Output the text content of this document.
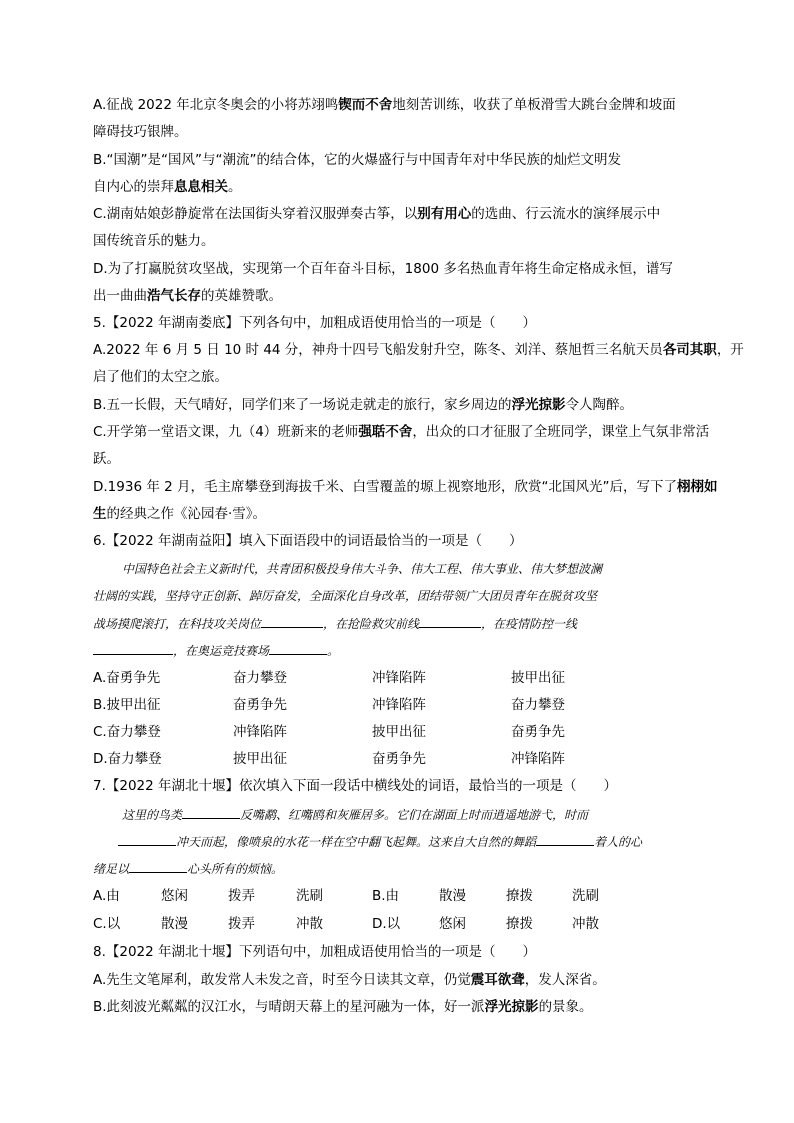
A.征战 2022 年北京冬奥会的小将苏翊鸣锲而不舍地刻苦训练，收获了单板滑雪大跳台金牌和坡面
障碍技巧银牌。
B.“国潮”是“国风”与“潮流”的结合体，它的火爆盛行与中国青年对中华民族的灿烂文明发
自内心的崇拜息息相关。
C.湖南姑娘彭静旋常在法国街头穿着汉服弹奏古筝，以别有用心的选曲、行云流水的演绎展示中
国传统音乐的魅力。
D.为了打赢脱贫攻坚战，实现第一个百年奋斗目标，1800 多名热血青年将生命定格成永恒，谱写
出一曲曲浩气长存的英雄赞歌。
5.【2022 年湖南娄底】下列各句中，加粗成语使用恰当的一项是（　　）
A.2022 年 6 月 5 日 10 时 44 分，神舟十四号飞船发射升空，陈冬、刘洋、蔡旭哲三名航天员各司其职，开
启了他们的太空之旅。
B.五一长假，天气晴好，同学们来了一场说走就走的旅行，家乡周边的浮光掠影令人陶醉。
C.开学第一堂语文课，九（4）班新来的老师强聒不舍，出众的口才征服了全班同学，课堂上气氛非常活
跃。
D.1936 年 2 月，毛主席攀登到海拔千米、白雪覆盖的塬上视察地形，欣赏“北国风光”后，写下了栩栩如
生的经典之作《沁园春·雪》。
6.【2022 年湖南益阳】填入下面语段中的词语最恰当的一项是（　　）
中国特色社会主义新时代，共青团积极投身伟大斗争、伟大工程、伟大事业、伟大梦想波澜
壮阔的实践，坚持守正创新、踔厉奋发，全面深化自身改革，团结带领广大团员青年在脱贫攻坚
战场摸爬滚打，在科技攻关岗位	，在抢险救灾前线	，在疫情防控一线
，在奥运竞技赛场	。
A.奋勇争先	奋力攀登	冲锋陷阵	披甲出征
B.披甲出征	奋勇争先	冲锋陷阵	奋力攀登
C.奋力攀登	冲锋陷阵	披甲出征	奋勇争先
D.奋力攀登	披甲出征	奋勇争先	冲锋陷阵
7.【2022 年湖北十堰】依次填入下面一段话中横线处的词语，最恰当的一项是（　　）
这里的鸟类	反嘴鹬、红嘴鸥和灰雁居多。它们在湖面上时而逍遥地游弋，时而
冲天而起，像喷泉的水花一样在空中翻飞起舞。这来自大自然的舞蹈	着人的心
绪足以	心头所有的烦恼。
A.由	悠闲	拨弄	洗刷	B.由	散漫	撩拨	洗刷
C.以	散漫	拨弄	冲散	D.以	悠闲	撩拨	冲散
8.【2022 年湖北十堰】下列语句中，加粗成语使用恰当的一项是（　　）
A.先生文笔犀利，敢发常人未发之音，时至今日读其文章，仍觉震耳欲聋，发人深省。
B.此刻波光粼粼的汉江水，与晴朗天幕上的星河融为一体，好一派浮光掠影的景象。
